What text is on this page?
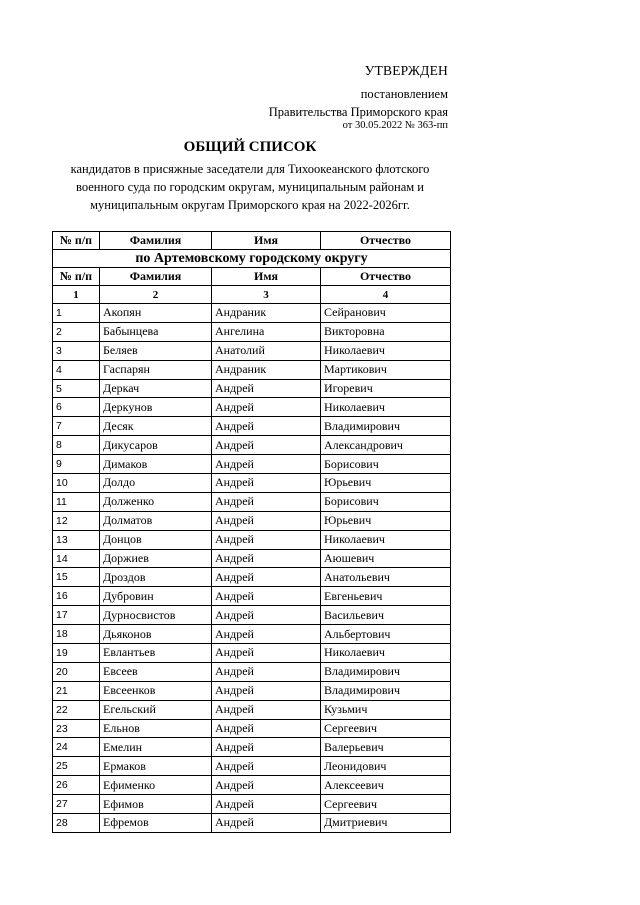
УТВЕРЖДЕН
постановлением
Правительства Приморского края
от 30.05.2022 № 363-пп
ОБЩИЙ СПИСОК
кандидатов в присяжные заседатели для Тихоокеанского флотского военного суда по городским округам, муниципальным районам и муниципальным округам Приморского края на 2022-2026гг.
№ п/п	Фамилия	Имя	Отчество
по Артемовскому городскому округу			
№ п/п	Фамилия	Имя	Отчество
1	2	3	4
1	Акопян	Андраник	Сейранович
2	Бабынцева	Ангелина	Викторовна
3	Беляев	Анатолий	Николаевич
4	Гаспарян	Андраник	Мартикович
5	Деркач	Андрей	Игоревич
6	Деркунов	Андрей	Николаевич
7	Десяк	Андрей	Владимирович
8	Дикусаров	Андрей	Александрович
9	Димаков	Андрей	Борисович
10	Долдо	Андрей	Юрьевич
11	Долженко	Андрей	Борисович
12	Долматов	Андрей	Юрьевич
13	Донцов	Андрей	Николаевич
14	Доржиев	Андрей	Аюшевич
15	Дроздов	Андрей	Анатольевич
16	Дубровин	Андрей	Евгеньевич
17	Дурносвистов	Андрей	Васильевич
18	Дьяконов	Андрей	Альбертович
19	Евлантьев	Андрей	Николаевич
20	Евсеев	Андрей	Владимирович
21	Евсеенков	Андрей	Владимирович
22	Егельский	Андрей	Кузьмич
23	Ельнов	Андрей	Сергеевич
24	Емелин	Андрей	Валерьевич
25	Ермаков	Андрей	Леонидович
26	Ефименко	Андрей	Алексеевич
27	Ефимов	Андрей	Сергеевич
28	Ефремов	Андрей	Дмитриевич
